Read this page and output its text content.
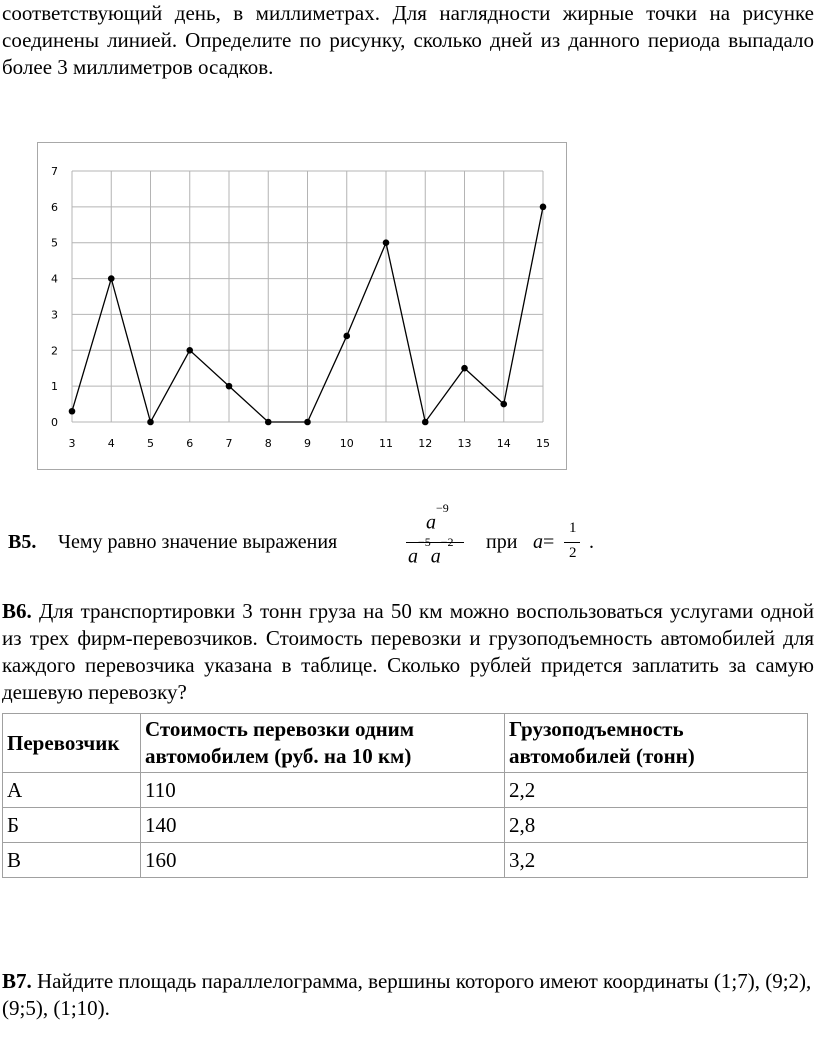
соответствующий день, в миллиметрах. Для наглядности жирные точки на рисунке соединены линией. Определите по рисунку, сколько дней из данного периода выпадало более 3 миллиметров осадков.
0
1
2
3
4
5
6
7
3	4	5	6	7	8	9	10 11 12 13 14 15
В5. Чему равно значение выражения
$a^{-9}$
$a^{-5}a^{-2}$ при a=
1
2 .
В6. Для транспортировки 3 тонн груза на 50 км можно воспользоваться услугами одной из трех фирм-перевозчиков. Стоимость перевозки и грузоподъемность автомобилей для каждого перевозчика указана в таблице. Сколько рублей придется заплатить за самую дешевую перевозку?
Перевозчик	Стоимость перевозки одним автомобилем (руб. на 10 км)	Грузоподъемность автомобилей (тонн)
А	110	2,2
Б	140	2,8
В	160	3,2
В7. Найдите площадь параллелограмма, вершины которого имеют координаты (1;7), (9;2), (9;5), (1;10).
